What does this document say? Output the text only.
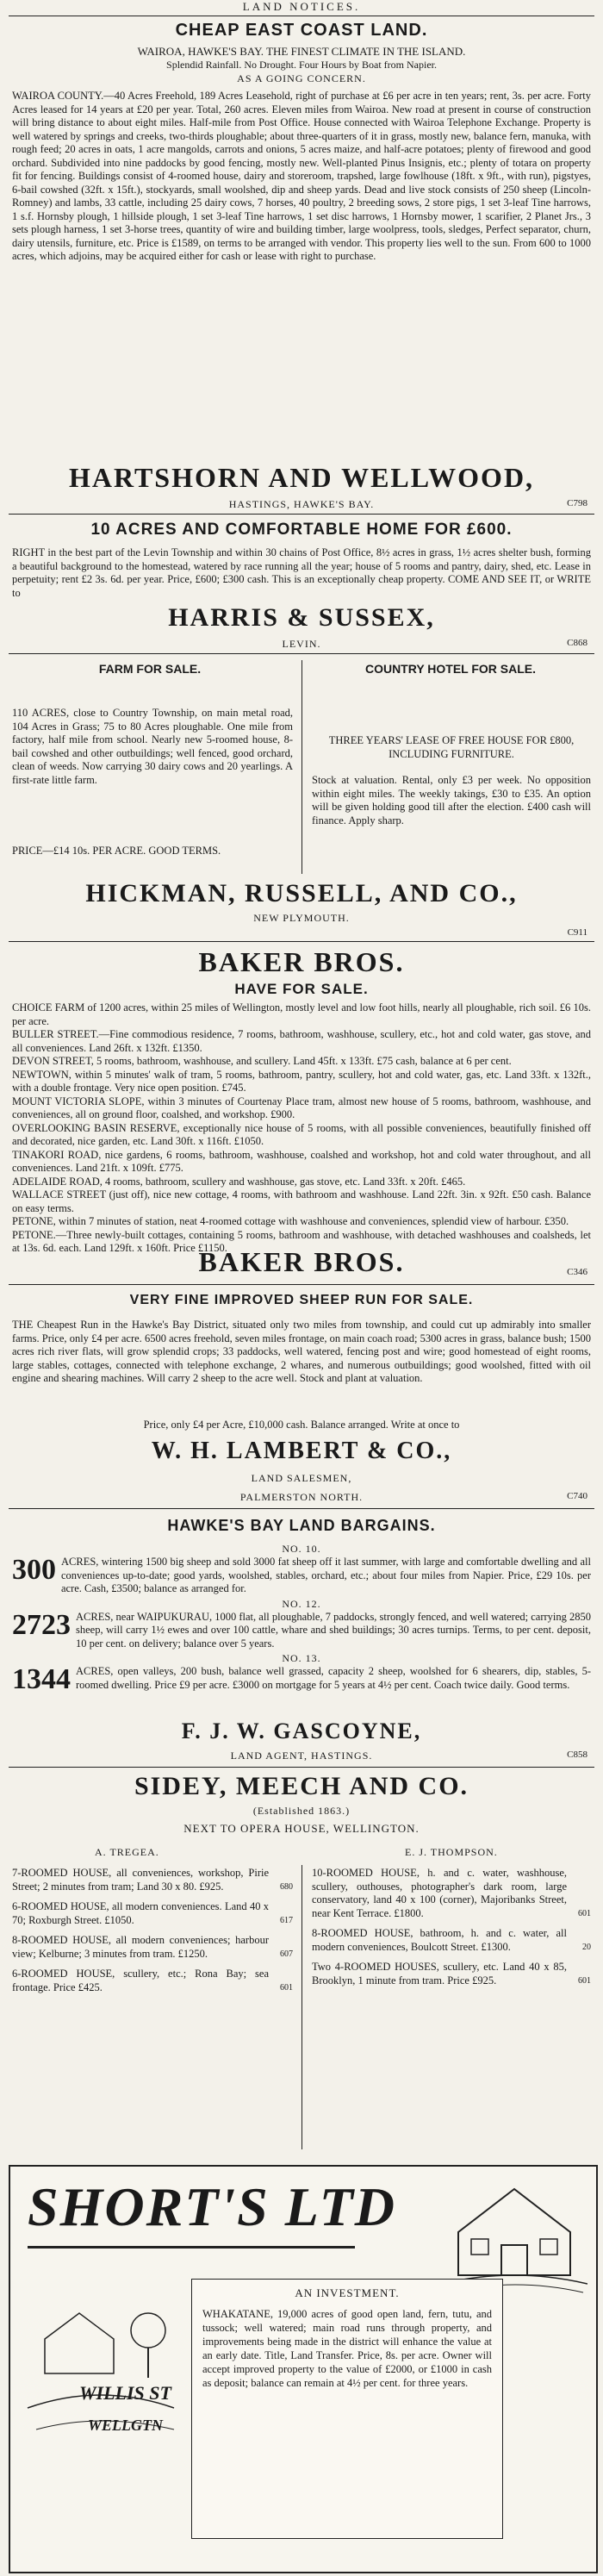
LAND NOTICES.
CHEAP EAST COAST LAND.
WAIROA, HAWKE'S BAY. THE FINEST CLIMATE IN THE ISLAND.
Splendid Rainfall. No Drought. Four Hours by Boat from Napier.
AS A GOING CONCERN.
WAIROA COUNTY.—40 Acres Freehold, 189 Acres Leasehold, right of purchase at £6 per acre in ten years; rent, 3s. per acre. Forty Acres leased for 14 years at £20 per year. Total, 260 acres. Eleven miles from Wairoa. New road at present in course of construction will bring distance to about eight miles. Half-mile from Post Office. House connected with Wairoa Telephone Exchange. Property is well watered by springs and creeks, two-thirds ploughable; about three-quarters of it in grass, mostly new, balance fern, manuka, with rough feed; 20 acres in oats, 1 acre mangolds, carrots and onions, 5 acres maize, and half-acre potatoes; plenty of firewood and good orchard. Subdivided into nine paddocks by good fencing, mostly new. Well-planted Pinus Insignis, etc.; plenty of totara on property fit for fencing. Buildings consist of 4-roomed house, dairy and storeroom, trapshed, large fowlhouse (18ft. x 9ft., with run), pigstyes, 6-bail cowshed (32ft. x 15ft.), stockyards, small woolshed, dip and sheep yards. Dead and live stock consists of 250 sheep (Lincoln-Romney) and lambs, 33 cattle, including 25 dairy cows, 7 horses, 40 poultry, 2 breeding sows, 2 store pigs, 1 set 3-leaf Tine harrows, 1 s.f. Hornsby plough, 1 hillside plough, 1 set 3-leaf Tine harrows, 1 set disc harrows, 1 Hornsby mower, 1 scarifier, 2 Planet Jrs., 3 sets plough harness, 1 set 3-horse trees, quantity of wire and building timber, large woolpress, tools, sledges, Perfect separator, churn, dairy utensils, furniture, etc. Price is £1589, on terms to be arranged with vendor. This property lies well to the sun. From 600 to 1000 acres, which adjoins, may be acquired either for cash or lease with right to purchase.
HARTSHORN AND WELLWOOD,
HASTINGS, HAWKE'S BAY.	C798
10 ACRES AND COMFORTABLE HOME FOR £600.
RIGHT in the best part of the Levin Township and within 30 chains of Post Office, 8½ acres in grass, 1½ acres shelter bush, forming a beautiful background to the homestead, watered by race running all the year; house of 5 rooms and pantry, dairy, shed, etc. Lease in perpetuity; rent £2 3s. 6d. per year. Price, £600; £300 cash. This is an exceptionally cheap property. COME AND SEE IT, or WRITE to
HARRIS & SUSSEX,
LEVIN.	C868
FARM FOR SALE.
110 ACRES, close to Country Township, on main metal road, 104 Acres in Grass; 75 to 80 Acres ploughable. One mile from factory, half mile from school. Nearly new 5-roomed house, 8-bail cowshed and other outbuildings; well fenced, good orchard, clean of weeds. Now carrying 30 dairy cows and 20 yearlings. A first-rate little farm.
PRICE—£14 10s. PER ACRE. GOOD TERMS.
COUNTRY HOTEL FOR SALE.
THREE YEARS' LEASE OF FREE HOUSE FOR £800, INCLUDING FURNITURE.
Stock at valuation. Rental, only £3 per week. No opposition within eight miles. The weekly takings, £30 to £35. An option will be given holding good till after the election. £400 cash will finance. Apply sharp.
HICKMAN, RUSSELL, AND CO.,
NEW PLYMOUTH.
C911
BAKER BROS.
HAVE FOR SALE.
CHOICE FARM of 1200 acres, within 25 miles of Wellington, mostly level and low foot hills, nearly all ploughable, rich soil. £6 10s. per acre.
BULLER STREET.—Fine commodious residence, 7 rooms, bathroom, washhouse, scullery, etc., hot and cold water, gas stove, and all conveniences. Land 26ft. x 132ft. £1350.
DEVON STREET, 5 rooms, bathroom, washhouse, and scullery. Land 45ft. x 133ft. £75 cash, balance at 6 per cent.
NEWTOWN, within 5 minutes' walk of tram, 5 rooms, bathroom, pantry, scullery, hot and cold water, gas, etc. Land 33ft. x 132ft., with a double frontage. Very nice open position. £745.
MOUNT VICTORIA SLOPE, within 3 minutes of Courtenay Place tram, almost new house of 5 rooms, bathroom, washhouse, and conveniences, all on ground floor, coalshed, and workshop. £900.
OVERLOOKING BASIN RESERVE, exceptionally nice house of 5 rooms, with all possible conveniences, beautifully finished off and decorated, nice garden, etc. Land 30ft. x 116ft. £1050.
TINAKORI ROAD, nice gardens, 6 rooms, bathroom, washhouse, coalshed and workshop, hot and cold water throughout, and all conveniences. Land 21ft. x 109ft. £775.
ADELAIDE ROAD, 4 rooms, bathroom, scullery and washhouse, gas stove, etc. Land 33ft. x 20ft. £465.
WALLACE STREET (just off), nice new cottage, 4 rooms, with bathroom and washhouse. Land 22ft. 3in. x 92ft. £50 cash. Balance on easy terms.
PETONE, within 7 minutes of station, neat 4-roomed cottage with washhouse and conveniences, splendid view of harbour. £350.
PETONE.—Three newly-built cottages, containing 5 rooms, bathroom and washhouse, with detached washhouses and coalsheds, let at 13s. 6d. each. Land 129ft. x 160ft. Price £1150.
BAKER BROS.	C346
VERY FINE IMPROVED SHEEP RUN FOR SALE.
THE Cheapest Run in the Hawke's Bay District, situated only two miles from township, and could cut up admirably into smaller farms. Price, only £4 per acre. 6500 acres freehold, seven miles frontage, on main coach road; 5300 acres in grass, balance bush; 1500 acres rich river flats, will grow splendid crops; 33 paddocks, well watered, fencing post and wire; good homestead of eight rooms, large stables, cottages, connected with telephone exchange, 2 whares, and numerous outbuildings; good woolshed, fitted with oil engine and shearing machines. Will carry 2 sheep to the acre well. Stock and plant at valuation.
Price, only £4 per Acre, £10,000 cash. Balance arranged. Write at once to
W. H. LAMBERT & CO.,
LAND SALESMEN,
PALMERSTON NORTH.	C740
HAWKE'S BAY LAND BARGAINS.
NO. 10.
300 ACRES, wintering 1500 big sheep and sold 3000 fat sheep off it last summer, with large and comfortable dwelling and all conveniences up-to-date; good yards, woolshed, stables, orchard, etc.; about four miles from Napier. Price, £29 10s. per acre. Cash, £3500; balance as arranged for.
NO. 12.
2723 ACRES, near WAIPUKURAU, 1000 flat, all ploughable, 7 paddocks, strongly fenced, and well watered; carrying 2850 sheep, will carry 1½ ewes and over 100 cattle, whare and shed buildings; 30 acres turnips. Terms, to per cent. deposit, 10 per cent. on delivery; balance over 5 years.
NO. 13.
1344 ACRES, open valleys, 200 bush, balance well grassed, capacity 2 sheep, woolshed for 6 shearers, dip, stables, 5-roomed dwelling. Price £9 per acre. £3000 on mortgage for 5 years at 4½ per cent. Coach twice daily. Good terms.
F. J. W. GASCOYNE,
LAND AGENT, HASTINGS.	C858
SIDEY, MEECH AND CO.
(Established 1863.)
NEXT TO OPERA HOUSE, WELLINGTON.
A. TREGEA.	E. J. THOMPSON.
7-ROOMED HOUSE, all conveniences, workshop, Pirie Street; 2 minutes from tram; Land 30 x 80. £925.	680
6-ROOMED HOUSE, all modern conveniences. Land 40 x 70; Roxburgh Street. £1050.	617
8-ROOMED HOUSE, all modern conveniences; harbour view; Kelburne; 3 minutes from tram. £1250.	607
6-ROOMED HOUSE, scullery, etc.; Rona Bay; sea frontage. Price £425.	601
10-ROOMED HOUSE, h. and c. water, washhouse, scullery, outhouses, photographer's dark room, large conservatory, land 40 x 100 (corner), Majoribanks Street, near Kent Terrace. £1800.	601
8-ROOMED HOUSE, bathroom, h. and c. water, all modern conveniences, Boulcott Street. £1300.	20
Two 4-ROOMED HOUSES, scullery, etc. Land 40 x 85, Brooklyn, 1 minute from tram. Price £925.	601
SHORT'S LTD
WILLIS ST
WELLGTN
AN INVESTMENT.
WHAKATANE, 19,000 acres of good open land, fern, tutu, and tussock; well watered; main road runs through property, and improvements being made in the district will enhance the value at an early date. Title, Land Transfer. Price, 8s. per acre. Owner will accept improved property to the value of £2000, or £1000 in cash as deposit; balance can remain at 4½ per cent. for three years.
